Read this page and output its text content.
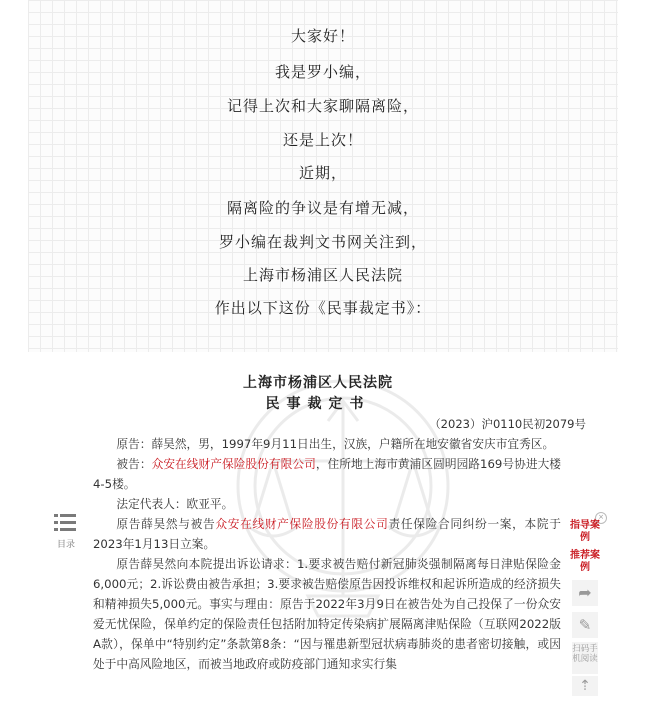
大家好！
我是罗小编，
记得上次和大家聊隔离险，
还是上次！
近期，
隔离险的争议是有增无减，
罗小编在裁判文书网关注到，
上海市杨浦区人民法院
作出以下这份《民事裁定书》：
上海市杨浦区人民法院
民事裁定书
（2023）沪0110民初2079号

原告：薛昊然，男，1997年9月11日出生，汉族，户籍所在地安徽省安庆市宜秀区。

被告：众安在线财产保险股份有限公司，住所地上海市黄浦区圆明园路169号协进大楼4-5楼。

法定代表人：欧亚平。

原告薛昊然与被告众安在线财产保险股份有限公司责任保险合同纠纷一案，本院于2023年1月13日立案。

原告薛昊然向本院提出诉讼请求：1.要求被告赔付新冠肺炎强制隔离每日津贴保险金6,000元；2.诉讼费由被告承担；3.要求被告赔偿原告因投诉维权和起诉所造成的经济损失和精神损失5,000元。事实与理由：原告于2022年3月9日在被告处为自己投保了一份众安爱无忧保险，保单约定的保险责任包括附加特定传染病扩展隔离津贴保险（互联网2022版A款），保单中“特别约定”条款第8条：“因与罹患新型冠状病毒肺炎的患者密切接触，或因处于中高风险地区，而被当地政府或防疫部门通知求实行集

目录
×
指导案例
推荐案例
➦
✎
扫码手机阅读
⇡
